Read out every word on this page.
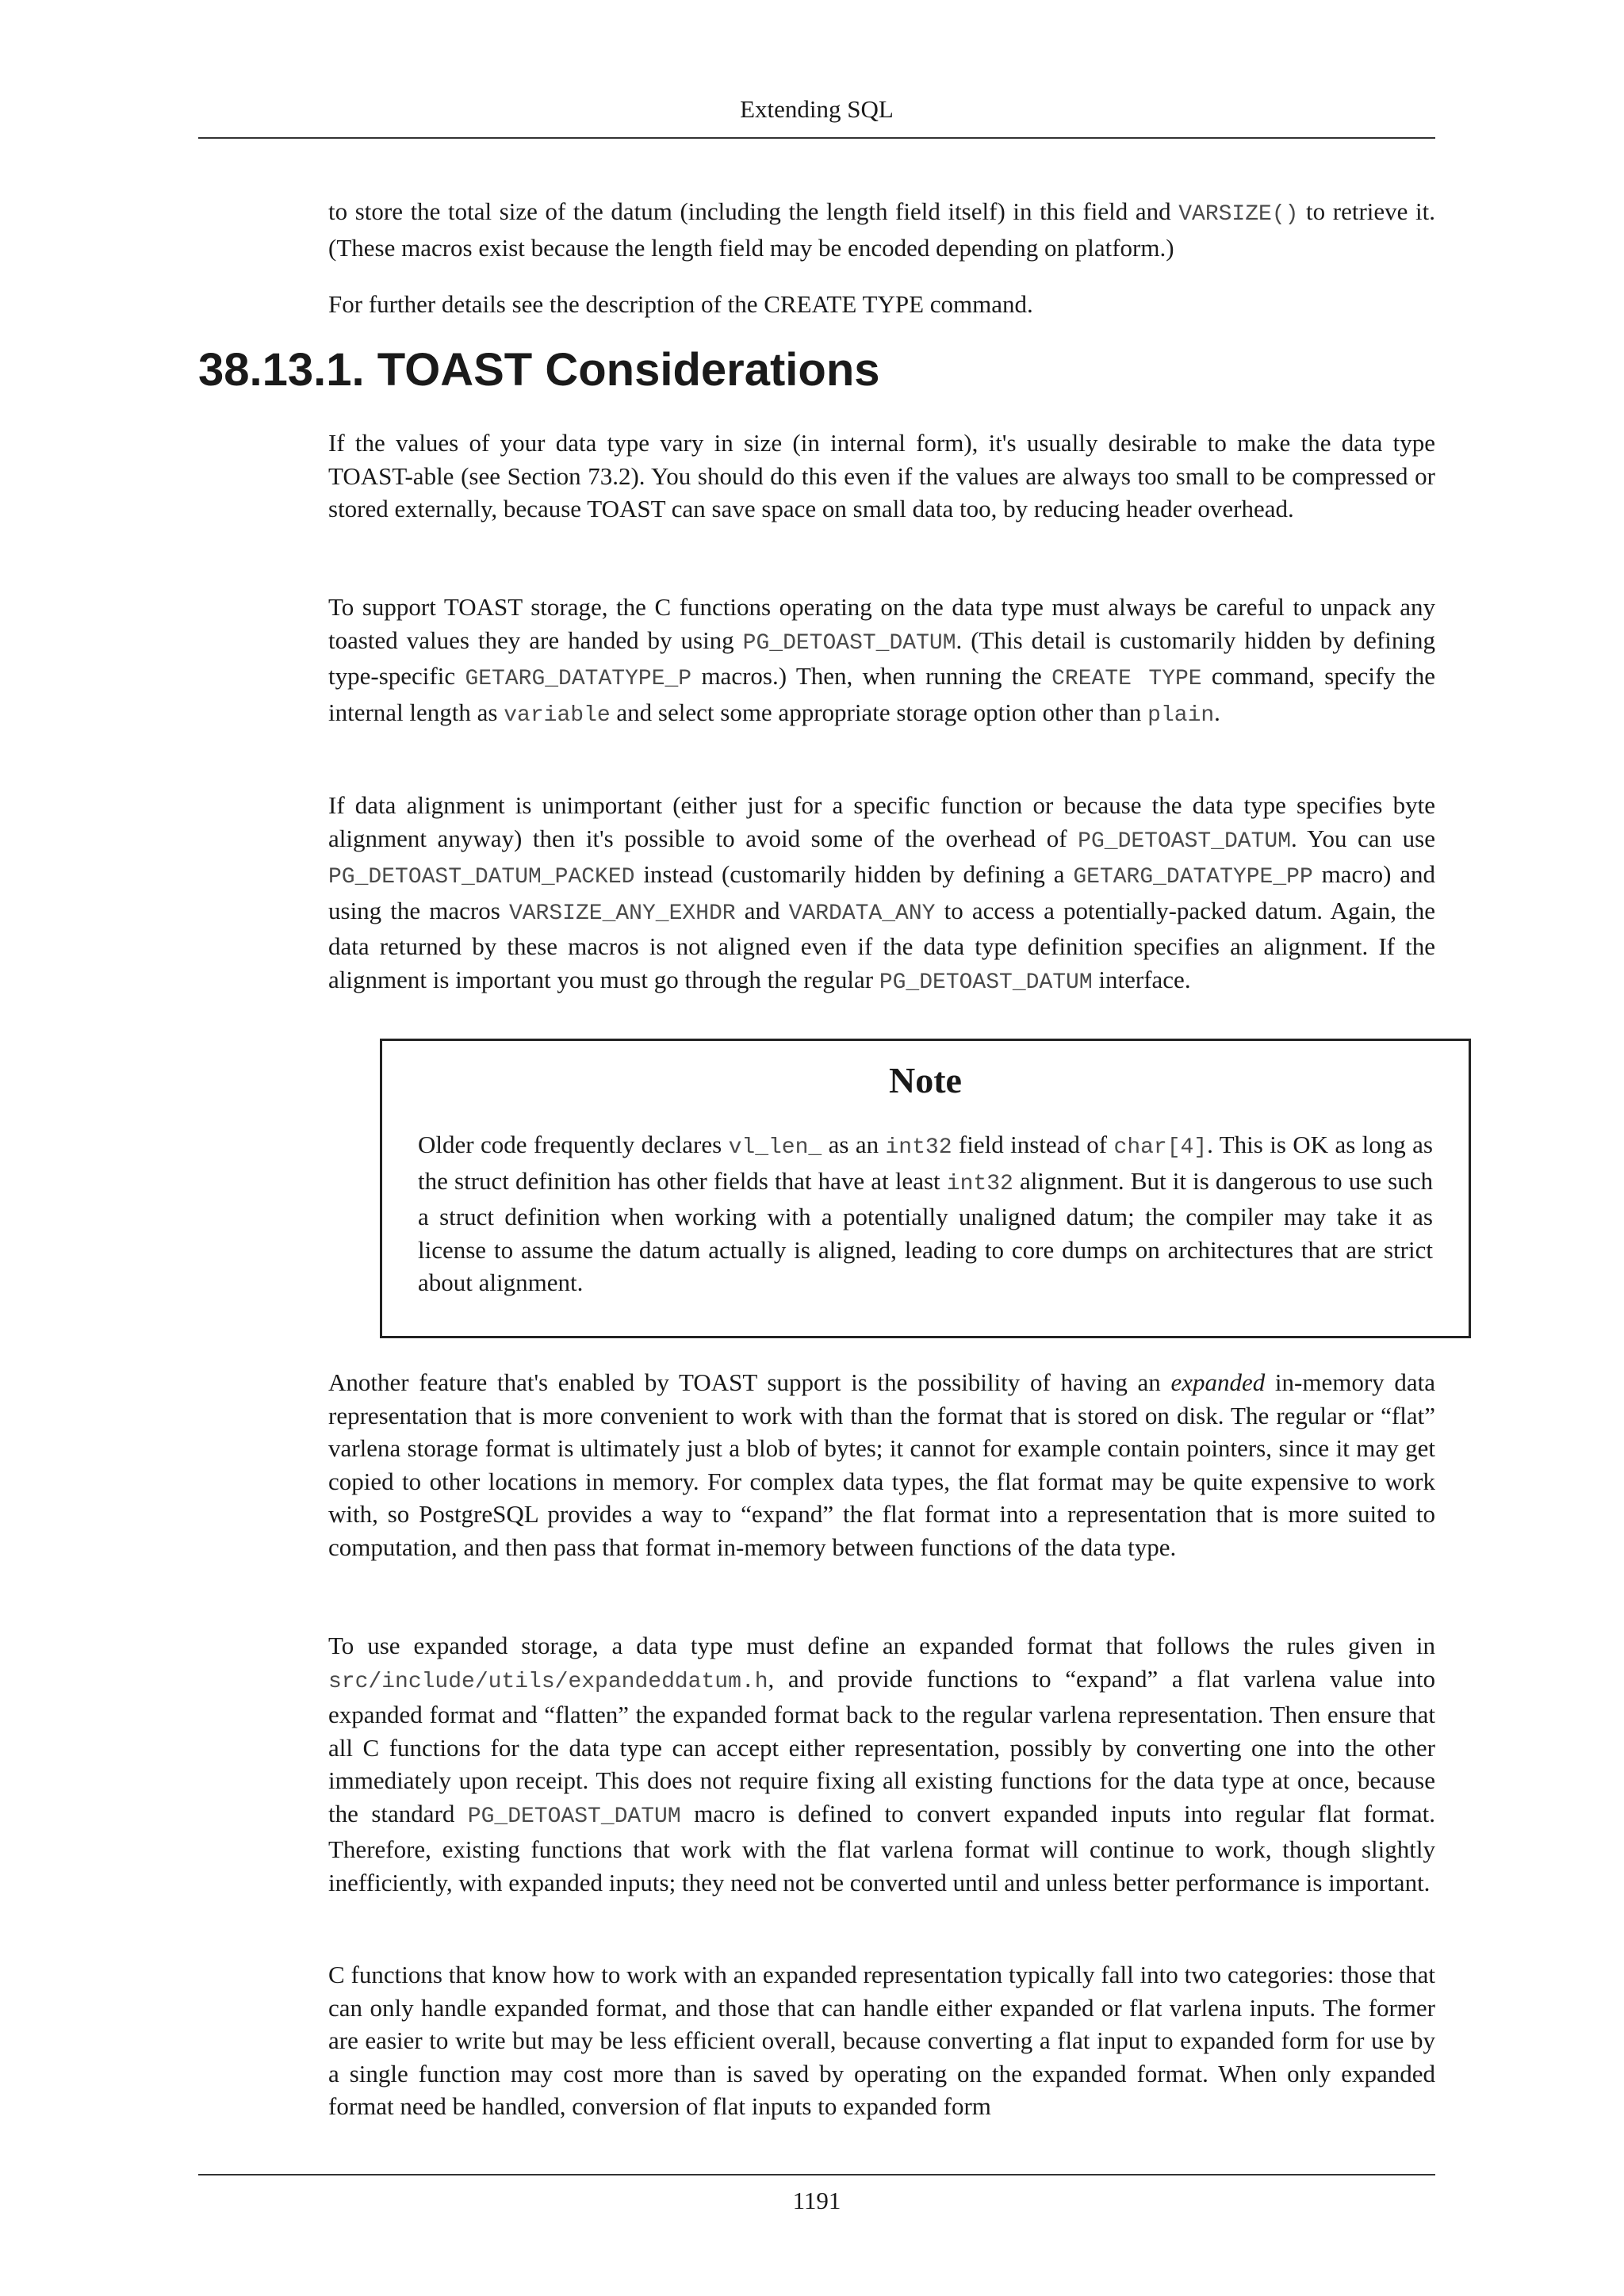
Extending SQL

to store the total size of the datum (including the length field itself) in this field and VARSIZE() to retrieve it. (These macros exist because the length field may be encoded depending on platform.)

For further details see the description of the CREATE TYPE command.

38.13.1. TOAST Considerations

If the values of your data type vary in size (in internal form), it's usually desirable to make the data type TOAST-able (see Section 73.2). You should do this even if the values are always too small to be compressed or stored externally, because TOAST can save space on small data too, by reducing header overhead.

To support TOAST storage, the C functions operating on the data type must always be careful to unpack any toasted values they are handed by using PG_DETOAST_DATUM. (This detail is customarily hidden by defining type-specific GETARG_DATATYPE_P macros.) Then, when running the CREATE TYPE command, specify the internal length as variable and select some appropriate storage option other than plain.

If data alignment is unimportant (either just for a specific function or because the data type specifies byte alignment anyway) then it's possible to avoid some of the overhead of PG_DETOAST_DATUM. You can use PG_DETOAST_DATUM_PACKED instead (customarily hidden by defining a GETARG_DATATYPE_PP macro) and using the macros VARSIZE_ANY_EXHDR and VARDATA_ANY to access a potentially-packed datum. Again, the data returned by these macros is not aligned even if the data type definition specifies an alignment. If the alignment is important you must go through the regular PG_DETOAST_DATUM interface.

Note

Older code frequently declares vl_len_ as an int32 field instead of char[4]. This is OK as long as the struct definition has other fields that have at least int32 alignment. But it is dangerous to use such a struct definition when working with a potentially unaligned datum; the compiler may take it as license to assume the datum actually is aligned, leading to core dumps on architectures that are strict about alignment.

Another feature that's enabled by TOAST support is the possibility of having an expanded in-memory data representation that is more convenient to work with than the format that is stored on disk. The regular or “flat” varlena storage format is ultimately just a blob of bytes; it cannot for example contain pointers, since it may get copied to other locations in memory. For complex data types, the flat format may be quite expensive to work with, so PostgreSQL provides a way to “expand” the flat format into a representation that is more suited to computation, and then pass that format in-memory between functions of the data type.

To use expanded storage, a data type must define an expanded format that follows the rules given in src/include/utils/expandeddatum.h, and provide functions to “expand” a flat varlena value into expanded format and “flatten” the expanded format back to the regular varlena representation. Then ensure that all C functions for the data type can accept either representation, possibly by converting one into the other immediately upon receipt. This does not require fixing all existing functions for the data type at once, because the standard PG_DETOAST_DATUM macro is defined to convert expanded inputs into regular flat format. Therefore, existing functions that work with the flat varlena format will continue to work, though slightly inefficiently, with expanded inputs; they need not be converted until and unless better performance is important.

C functions that know how to work with an expanded representation typically fall into two categories: those that can only handle expanded format, and those that can handle either expanded or flat varlena inputs. The former are easier to write but may be less efficient overall, because converting a flat input to expanded form for use by a single function may cost more than is saved by operating on the expanded format. When only expanded format need be handled, conversion of flat inputs to expanded form

1191
